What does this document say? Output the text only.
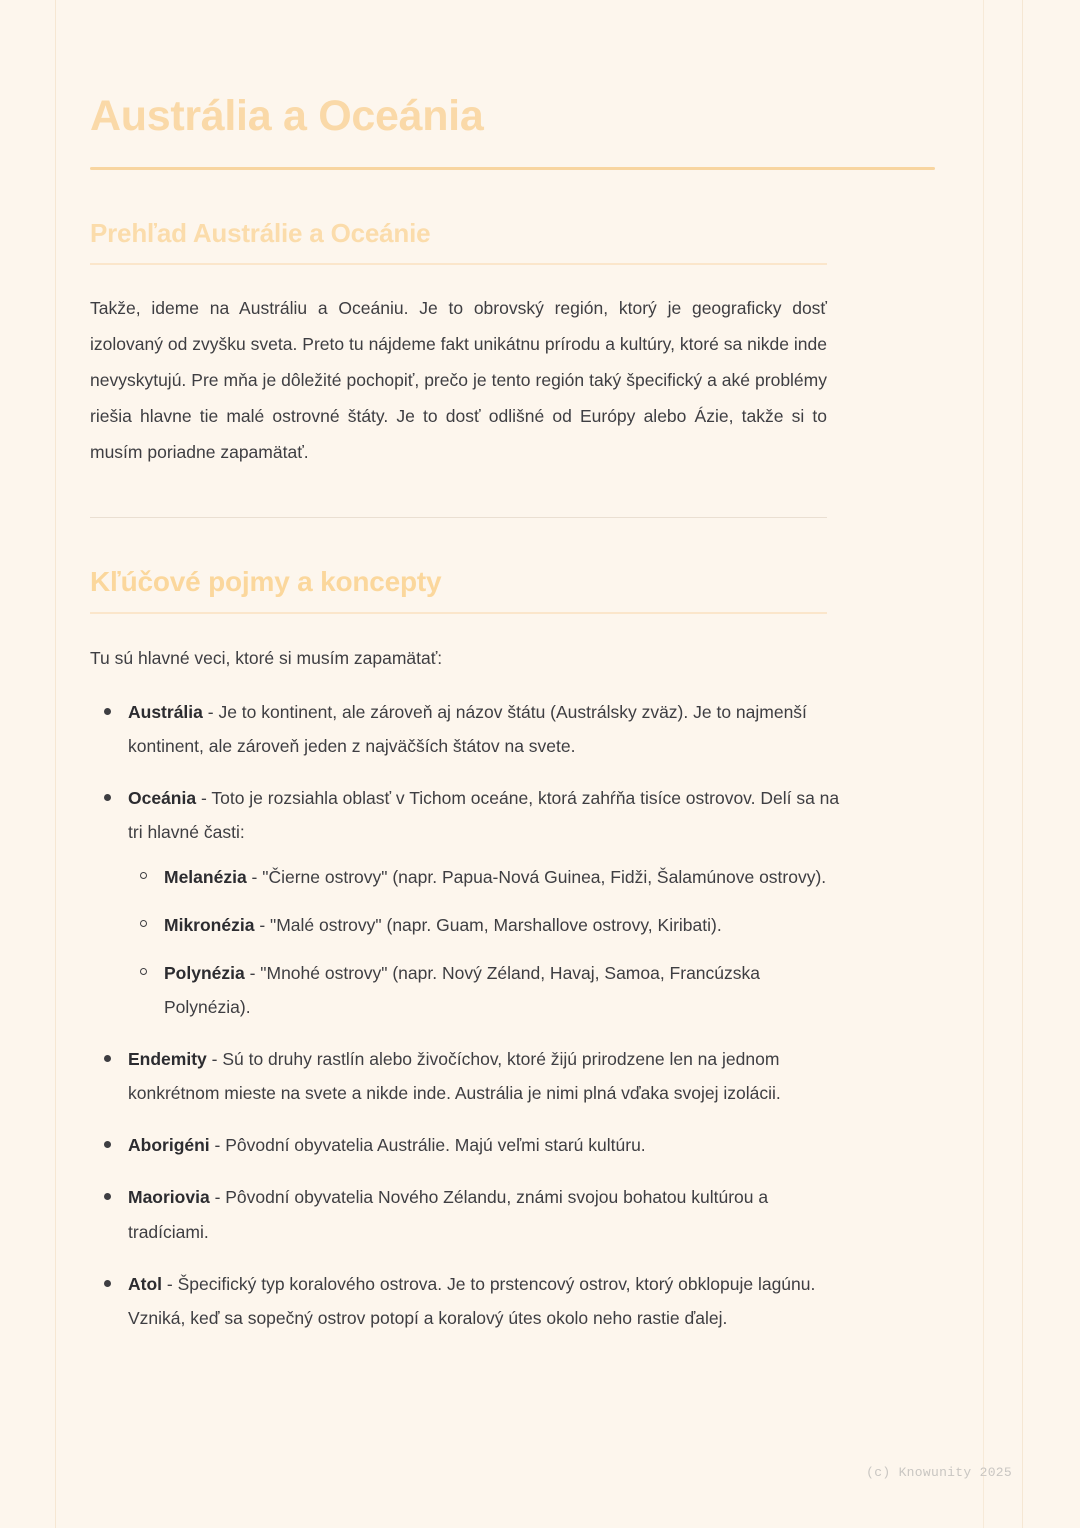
Austrália a Oceánia
Prehľad Austrálie a Oceánie

Takže, ideme na Austráliu a Oceániu. Je to obrovský región, ktorý je geograficky dosť izolovaný od zvyšku sveta. Preto tu nájdeme fakt unikátnu prírodu a kultúry, ktoré sa nikde inde nevyskytujú. Pre mňa je dôležité pochopiť, prečo je tento región taký špecifický a aké problémy riešia hlavne tie malé ostrovné štáty. Je to dosť odlišné od Európy alebo Ázie, takže si to musím poriadne zapamätať.

Kľúčové pojmy a koncepty

Tu sú hlavné veci, ktoré si musím zapamätať:

Austrália - Je to kontinent, ale zároveň aj názov štátu (Austrálsky zväz). Je to najmenší kontinent, ale zároveň jeden z najväčších štátov na svete.
Oceánia - Toto je rozsiahla oblasť v Tichom oceáne, ktorá zahŕňa tisíce ostrovov. Delí sa na tri hlavné časti:
Melanézia - "Čierne ostrovy" (napr. Papua-Nová Guinea, Fidži, Šalamúnove ostrovy).
Mikronézia - "Malé ostrovy" (napr. Guam, Marshallove ostrovy, Kiribati).
Polynézia - "Mnohé ostrovy" (napr. Nový Zéland, Havaj, Samoa, Francúzska Polynézia).
Endemity - Sú to druhy rastlín alebo živočíchov, ktoré žijú prirodzene len na jednom konkrétnom mieste na svete a nikde inde. Austrália je nimi plná vďaka svojej izolácii.
Aborigéni - Pôvodní obyvatelia Austrálie. Majú veľmi starú kultúru.
Maoriovia - Pôvodní obyvatelia Nového Zélandu, známi svojou bohatou kultúrou a tradíciami.
Atol - Špecifický typ koralového ostrova. Je to prstencový ostrov, ktorý obklopuje lagúnu. Vzniká, keď sa sopečný ostrov potopí a koralový útes okolo neho rastie ďalej.
(c) Knowunity 2025
